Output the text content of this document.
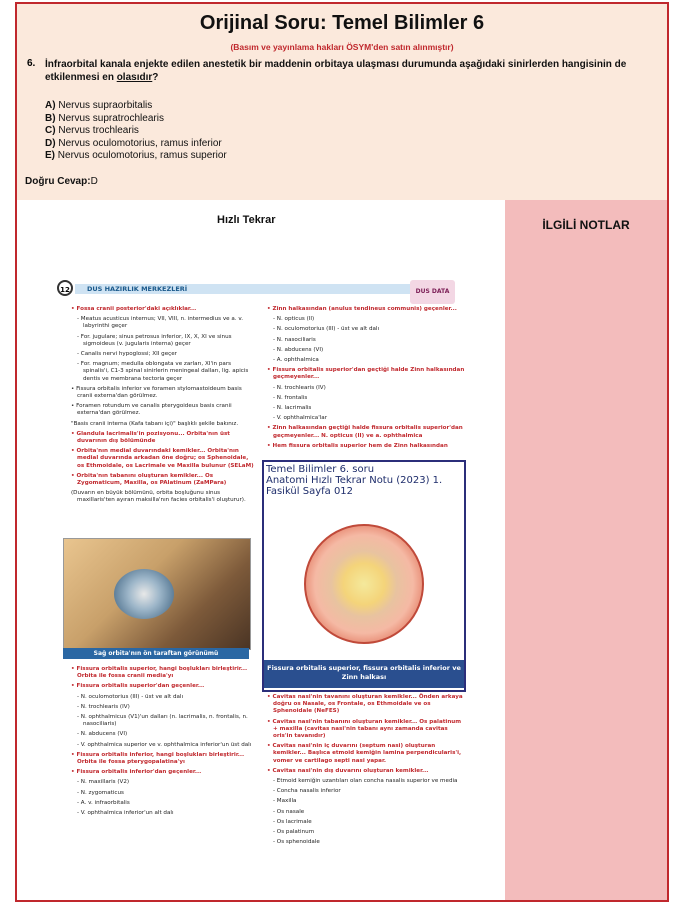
Orijinal Soru: Temel Bilimler 6
(Basım ve yayınlama hakları ÖSYM'den satın alınmıştır)
6. İnfraorbital kanala enjekte edilen anestetik bir maddenin orbitaya ulaşması durumunda aşağıdaki sinirlerden hangisinin de etkilenmesi en olasıdır?
A) Nervus supraorbitalis
B) Nervus supratrochlearis
C) Nervus trochlearis
D) Nervus oculomotorius, ramus inferior
E) Nervus oculomotorius, ramus superior
Doğru Cevap:D
Hızlı Tekrar	İLGİLİ NOTLAR
12	DUS HAZIRLIK MERKEZLERİ	DUS DATA

• Fossa cranii posterior'daki açıklıklar...

- Meatus acusticus internus; VII, VIII, n. intermedius ve a. v. labyrinthi geçer

- For. jugulare; sinus petrosus inferior, IX, X, XI ve sinus sigmoideus (v. jugularis interna) geçer

- Canalis nervi hypoglossi; XII geçer

- For. magnum; medulla oblongata ve zarları, XI'in pars spinalis'i, C1-3 spinal sinirlerin meningeal dalları, lig. apicis dentis ve membrana tectoria geçer

• Fissura orbitalis inferior ve foramen stylomastoideum basis cranii externa'dan görülmez.

• Foramen rotundum ve canalis pterygoideus basis cranii externa'dan görülmez.

"Basis cranii interna (Kafa tabanı içi)" başlıklı şekile bakınız.

• Glandula lacrimalis'in pozisyonu... Orbita'nın üst duvarının dış bölümünde

• Orbita'nın medial duvarındaki kemikler... Orbita'nın medial duvarında arkadan öne doğru; os Sphenoidale, os Ethmoidale, os Lacrimale ve Maxilla bulunur (SELaM)

• Orbita'nın tabanını oluşturan kemikler... Os Zygomaticum, Maxilla, os PAlatinum (ZaMPara)

(Duvarın en büyük bölümünü, orbita boşluğunu sinus maxillaris'ten ayıran maksilla'nın facies orbitalis'i oluşturur).

Sağ orbita'nın ön taraftan görünümü

• Fissura orbitalis superior, hangi boşlukları birleştirir... Orbita ile fossa cranii media'yı

• Fissura orbitalis superior'dan geçenler...

- N. oculomotorius (III) - üst ve alt dalı

- N. trochlearis (IV)

- N. ophthalmicus (V1)'un dalları (n. lacrimalis, n. frontalis, n. nasociliaris)

- N. abducens (VI)

- V. ophthalmica superior ve v. ophthalmica inferior'un üst dalı

• Fissura orbitalis inferior, hangi boşlukları birleştirir... Orbita ile fossa pterygopalatina'yı

• Fissura orbitalis inferior'dan geçenler...

- N. maxillaris (V2)

- N. zygomaticus

- A. v. infraorbitalis

- V. ophthalmica inferior'un alt dalı

• Zinn halkasından (anulus tendineus communis) geçenler...

- N. opticus (II)

- N. oculomotorius (III) - üst ve alt dalı

- N. nasociliaris

- N. abducens (VI)

- A. ophthalmica

• Fissura orbitalis superior'dan geçtiği halde Zinn halkasından geçmeyenler...

- N. trochlearis (IV)

- N. frontalis

- N. lacrimalis

- V. ophthalmica'lar

• Zinn halkasından geçtiği halde fissura orbitalis superior'dan geçmeyenler... N. opticus (II) ve a. ophthalmica

• Hem fissura orbitalis superior hem de Zinn halkasından

Temel Bilimler 6. soru
Anatomi Hızlı Tekrar Notu (2023) 1.
Fasikül Sayfa 012
Fissura orbitalis superior, fissura orbitalis inferior ve Zinn halkası

• Cavitas nasi'nin tavanını oluşturan kemikler... Önden arkaya doğru os Nasale, os Frontale, os Ethmoidale ve os Sphenoidale (NeFES)

• Cavitas nasi'nin tabanını oluşturan kemikler... Os palatinum + maxilla (cavitas nasi'nin tabanı aynı zamanda cavitas oris'in tavanıdır)

• Cavitas nasi'nin iç duvarını (septum nasi) oluşturan kemikler... Başlıca etmoid kemiğin lamina perpendicularis'i, vomer ve cartilago septi nasi yapar.

• Cavitas nasi'nin dış duvarını oluşturan kemikler...

- Etmoid kemiğin uzantıları olan concha nasalis superior ve media

- Concha nasalis inferior

- Maxilla

- Os nasale

- Os lacrimale

- Os palatinum

- Os sphenoidale
